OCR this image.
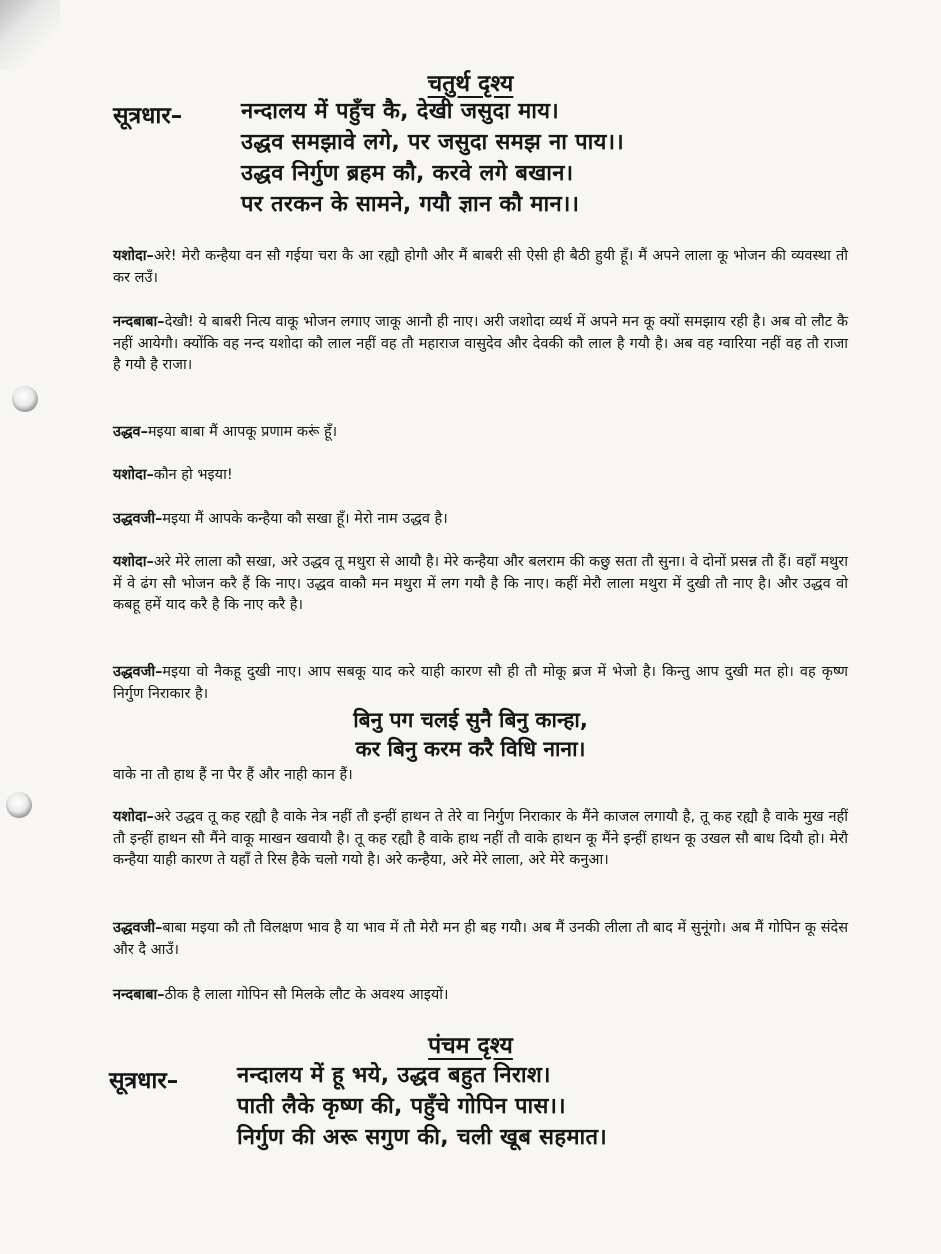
चतुर्थ दृश्य
सूत्रधार–	नन्दालय में पहुँच कै, देखी जसुदा माय।
उद्धव समझावे लगे, पर जसुदा समझ ना पाय।।
उद्धव निर्गुण ब्रहम कौ, करवे लगे बखान।
पर तरकन के सामने, गयौ ज्ञान कौ मान।।
यशोदा–अरे! मेरौ कन्हैया वन सौ गईया चरा कै आ रह्यौ होगौ और मैं बाबरी सी ऐसी ही बैठी हुयी हूँ। मैं अपने लाला कू भोजन की व्यवस्था तौ कर लउँ।
नन्दबाबा–देखौ! ये बाबरी नित्य वाकू भोजन लगाए जाकू आनौ ही नाए। अरी जशोदा व्यर्थ में अपने मन कू क्यों समझाय रही है। अब वो लौट कै नहीं आयेगौ। क्योंकि वह नन्द यशोदा कौ लाल नहीं वह तौ महाराज वासुदेव और देवकी कौ लाल है गयौ है। अब वह ग्वारिया नहीं वह तौ राजा है गयौ है राजा।
उद्धव–मइया बाबा मैं आपकू प्रणाम करूं हूँ।
यशोदा–कौन हो भइया!
उद्धवजी–मइया मैं आपके कन्हैया कौ सखा हूँ। मेरो नाम उद्धव है।
यशोदा–अरे मेरे लाला कौ सखा, अरे उद्धव तू मथुरा से आयौ है। मेरे कन्हैया और बलराम की कछु सता तौ सुना। वे दोनों प्रसन्न तौ हैं। वहाँ मथुरा में वे ढंग सौ भोजन करै हैं कि नाए। उद्धव वाकौ मन मथुरा में लग गयौ है कि नाए। कहीं मेरौ लाला मथुरा में दुखी तौ नाए है। और उद्धव वो कबहू हमें याद करै है कि नाए करै है।
उद्धवजी–मइया वो नैकहू दुखी नाए। आप सबकू याद करे याही कारण सौ ही तौ मोकू ब्रज में भेजो है। किन्तु आप दुखी मत हो। वह कृष्ण निर्गुण निराकार है।
बिनु पग चलई सुनै बिनु कान्हा,
कर बिनु करम करै विधि नाना।
वाके ना तौ हाथ हैं ना पैर हैं और नाही कान हैं।
यशोदा–अरे उद्धव तू कह रह्यौ है वाके नेत्र नहीं तौ इन्हीं हाथन ते तेरे वा निर्गुण निराकार के मैंने काजल लगायौ है, तू कह रह्यौ है वाके मुख नहीं तौ इन्हीं हाथन सौ मैंने वाकू माखन खवायौ है। तू कह रह्यौ है वाके हाथ नहीं तौ वाके हाथन कू मैंने इन्हीं हाथन कू उखल सौ बाध दियौ हो। मेरौ कन्हैया याही कारण ते यहाँ ते रिस हैके चलो गयो है। अरे कन्हैया, अरे मेरे लाला, अरे मेरे कनुआ।
उद्धवजी–बाबा मइया कौ तौ विलक्षण भाव है या भाव में तौ मेरौ मन ही बह गयौ। अब मैं उनकी लीला तौ बाद में सुनूंगो। अब मैं गोपिन कू संदेस और दै आउँ।
नन्दबाबा–ठीक है लाला गोपिन सौ मिलके लौट के अवश्य आइयों।
पंचम दृश्य
सूत्रधार–	नन्दालय में हू भये, उद्धव बहुत निराश।
पाती लैके कृष्ण की, पहुँचे गोपिन पास।।
निर्गुण की अरू सगुण की, चली खूब सहमात।
